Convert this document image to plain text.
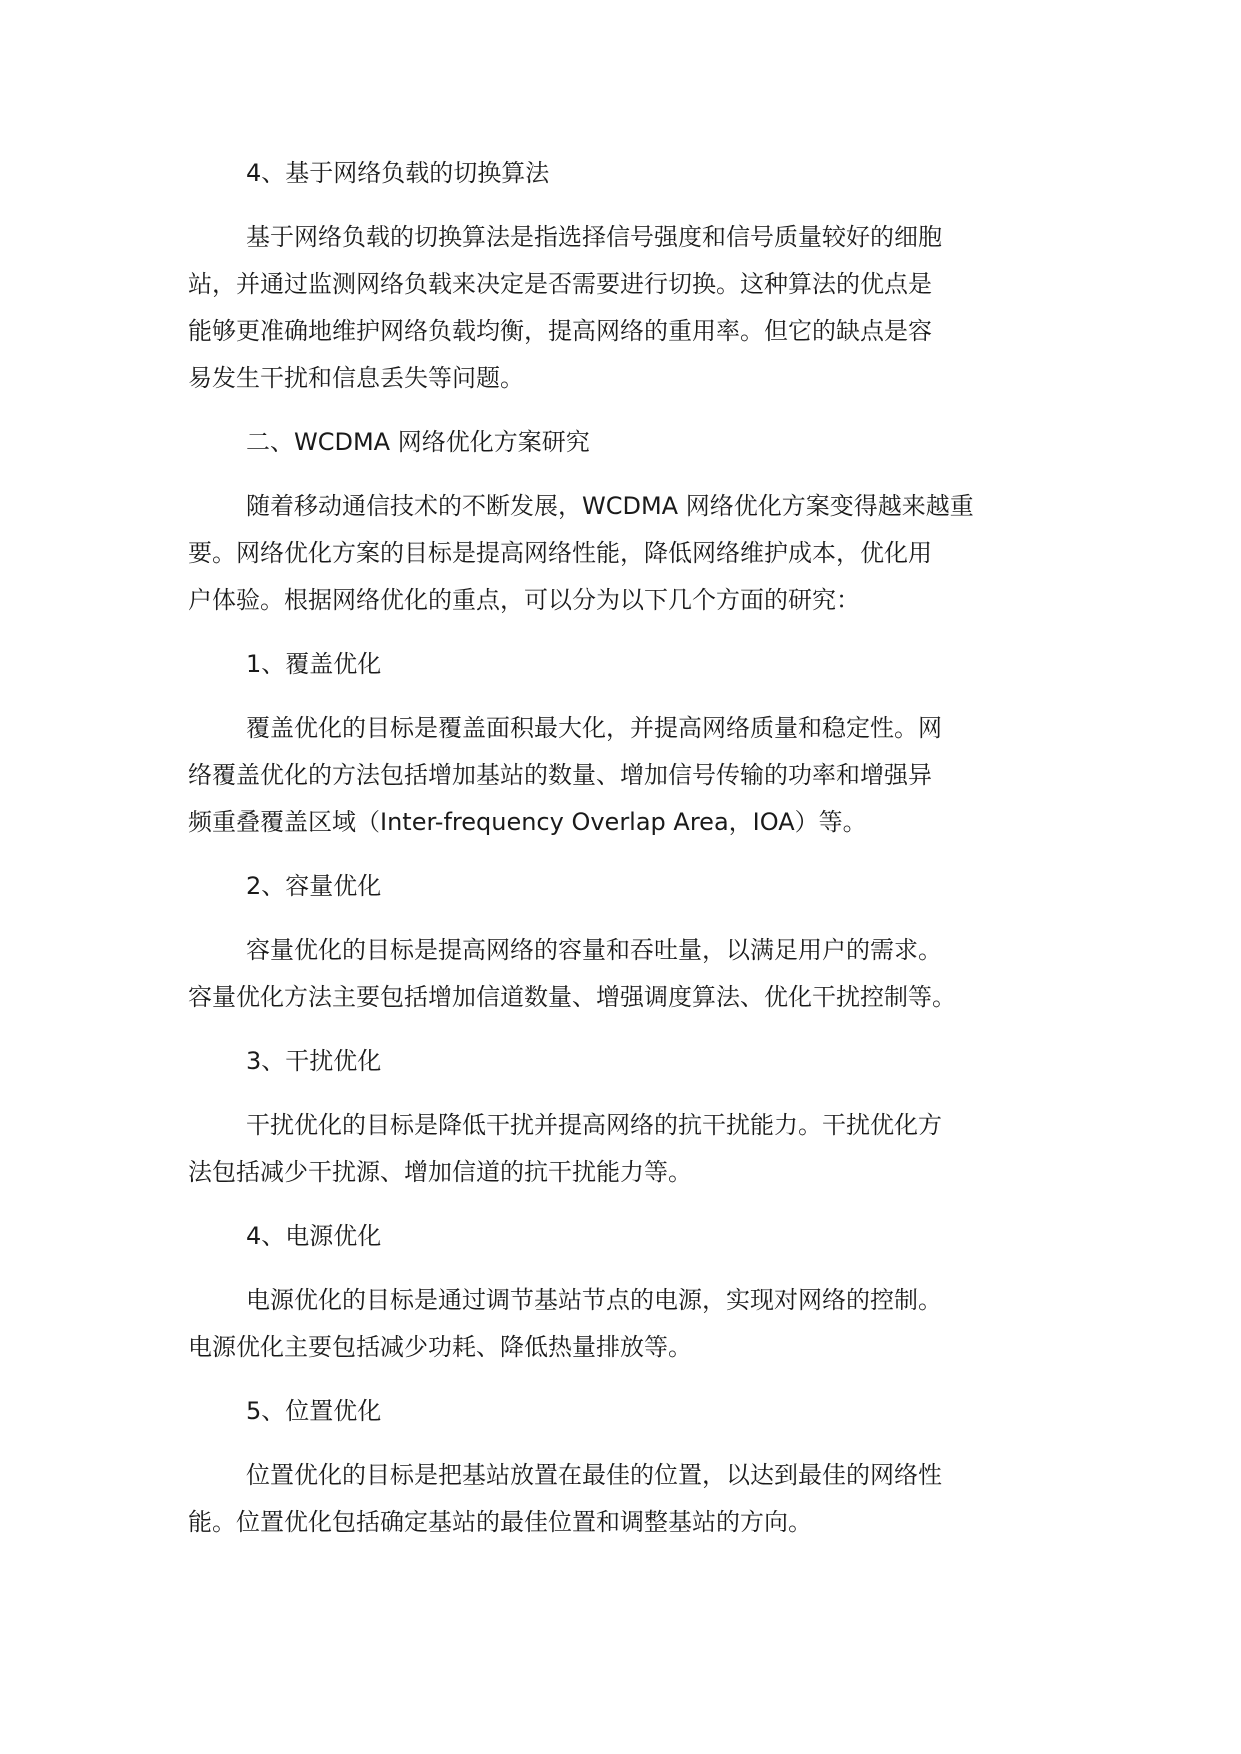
4、基于网络负载的切换算法

基于网络负载的切换算法是指选择信号强度和信号质量较好的细胞
站，并通过监测网络负载来决定是否需要进行切换。这种算法的优点是
能够更准确地维护网络负载均衡，提高网络的重用率。但它的缺点是容
易发生干扰和信息丢失等问题。

二、WCDMA 网络优化方案研究

随着移动通信技术的不断发展，WCDMA 网络优化方案变得越来越重
要。网络优化方案的目标是提高网络性能，降低网络维护成本，优化用
户体验。根据网络优化的重点，可以分为以下几个方面的研究：

1、覆盖优化

覆盖优化的目标是覆盖面积最大化，并提高网络质量和稳定性。网
络覆盖优化的方法包括增加基站的数量、增加信号传输的功率和增强异
频重叠覆盖区域（Inter-frequency Overlap Area，IOA）等。

2、容量优化

容量优化的目标是提高网络的容量和吞吐量，以满足用户的需求。
容量优化方法主要包括增加信道数量、增强调度算法、优化干扰控制等。

3、干扰优化

干扰优化的目标是降低干扰并提高网络的抗干扰能力。干扰优化方
法包括减少干扰源、增加信道的抗干扰能力等。

4、电源优化

电源优化的目标是通过调节基站节点的电源，实现对网络的控制。
电源优化主要包括减少功耗、降低热量排放等。

5、位置优化

位置优化的目标是把基站放置在最佳的位置，以达到最佳的网络性
能。位置优化包括确定基站的最佳位置和调整基站的方向。
